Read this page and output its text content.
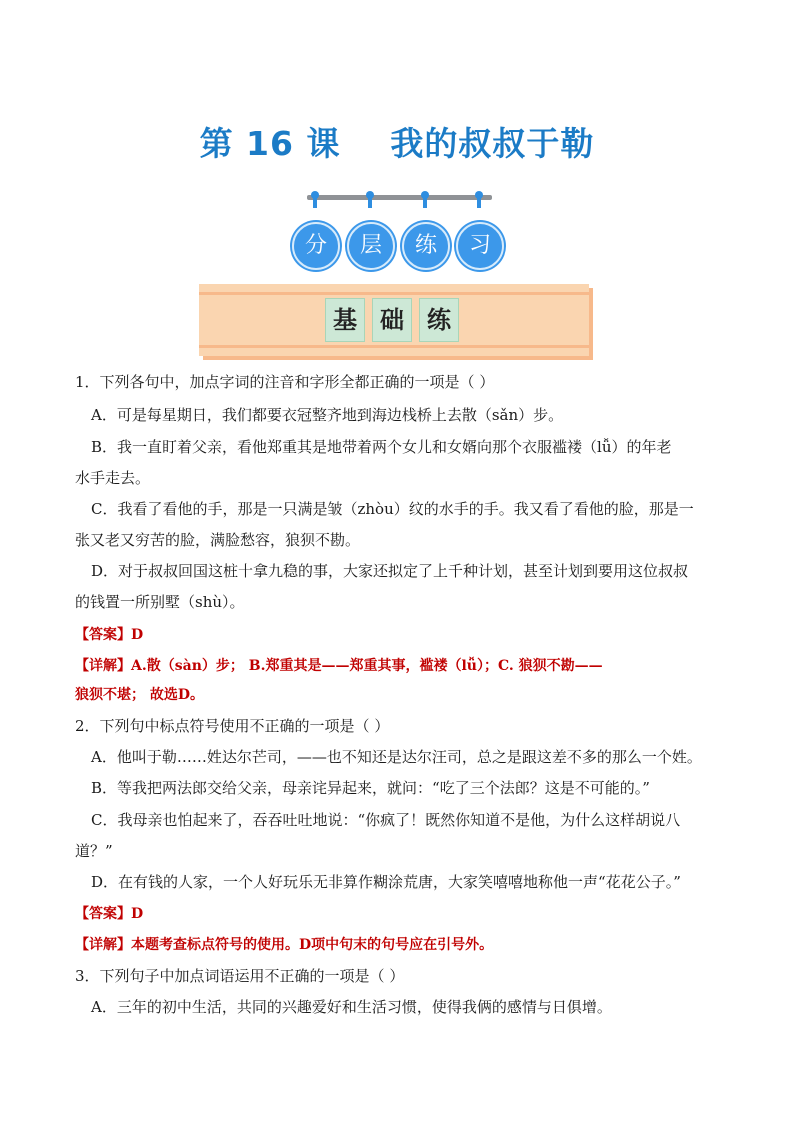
第 16 课    我的叔叔于勒
分	层	练	习
基 础 练
1．下列各句中，加点字词的注音和字形全都正确的一项是（ ）
A．可是每星期日，我们都要衣冠整齐地到海边栈桥上去散（sǎn）步。
B．我一直盯着父亲，看他郑重其是地带着两个女儿和女婿向那个衣服褴褛（lǚ）的年老
水手走去。
C．我看了看他的手，那是一只满是皱（zhòu）纹的水手的手。我又看了看他的脸，那是一
张又老又穷苦的脸，满脸愁容，狼狈不勘。
D．对于叔叔回国这桩十拿九稳的事，大家还拟定了上千种计划，甚至计划到要用这位叔叔
的钱置一所别墅（shù）。
【答案】D
【详解】A.散（sàn）步； B.郑重其是——郑重其事，褴褛（lǚ）；C. 狼狈不勘——
狼狈不堪； 故选D。
2．下列句中标点符号使用不正确的一项是（ ）
A．他叫于勒……姓达尔芒司，——也不知还是达尔汪司，总之是跟这差不多的那么一个姓。
B．等我把两法郎交给父亲，母亲诧异起来，就问：“吃了三个法郎？这是不可能的。”
C．我母亲也怕起来了，吞吞吐吐地说：“你疯了！既然你知道不是他，为什么这样胡说八
道？”
D．在有钱的人家，一个人好玩乐无非算作糊涂荒唐，大家笑嘻嘻地称他一声“花花公子。”
【答案】D
【详解】本题考查标点符号的使用。D项中句末的句号应在引号外。
3．下列句子中加点词语运用不正确的一项是（ ）
A．三年的初中生活，共同的兴趣爱好和生活习惯，使得我俩的感情与日俱增。
